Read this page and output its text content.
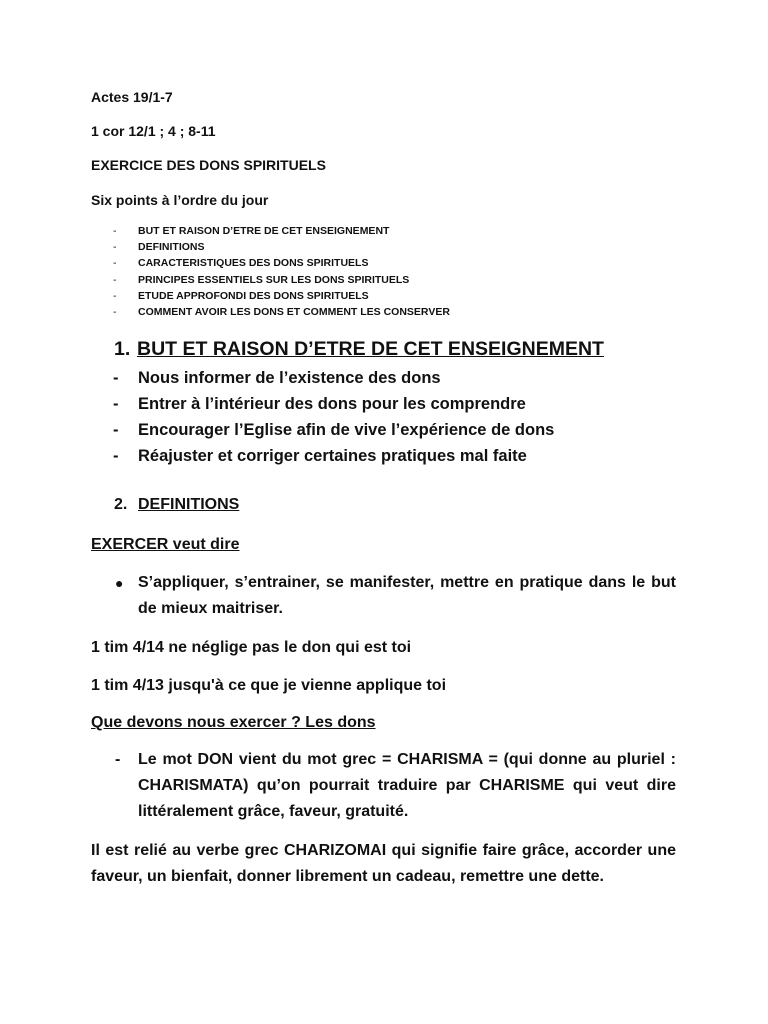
Actes 19/1-7

1 cor 12/1 ; 4 ; 8-11

EXERCICE DES DONS SPIRITUELS

Six points à l’ordre du jour

- BUT ET RAISON D’ETRE DE CET ENSEIGNEMENT
- DEFINITIONS
- CARACTERISTIQUES DES DONS SPIRITUELS
- PRINCIPES ESSENTIELS SUR LES DONS SPIRITUELS
- ETUDE APPROFONDI DES DONS SPIRITUELS
- COMMENT AVOIR LES DONS ET COMMENT LES CONSERVER
1. BUT ET RAISON D’ETRE DE CET ENSEIGNEMENT
- Nous informer de l’existence des dons
- Entrer à l’intérieur des dons pour les comprendre
- Encourager l’Eglise afin de vive l’expérience de dons
- Réajuster et corriger certaines pratiques mal faite
2. DEFINITIONS

EXERCER veut dire

● S’appliquer, s’entrainer, se manifester, mettre en pratique dans le but de mieux maitriser.

1 tim 4/14 ne néglige pas le don qui est toi

1 tim 4/13 jusqu'à ce que je vienne applique toi

Que devons nous exercer ? Les dons

- Le mot DON vient du mot grec = CHARISMA = (qui donne au pluriel : CHARISMATA) qu’on pourrait traduire par CHARISME qui veut dire littéralement grâce, faveur, gratuité.

Il est relié au verbe grec CHARIZOMAI qui signifie faire grâce, accorder une faveur, un bienfait, donner librement un cadeau, remettre une dette.
